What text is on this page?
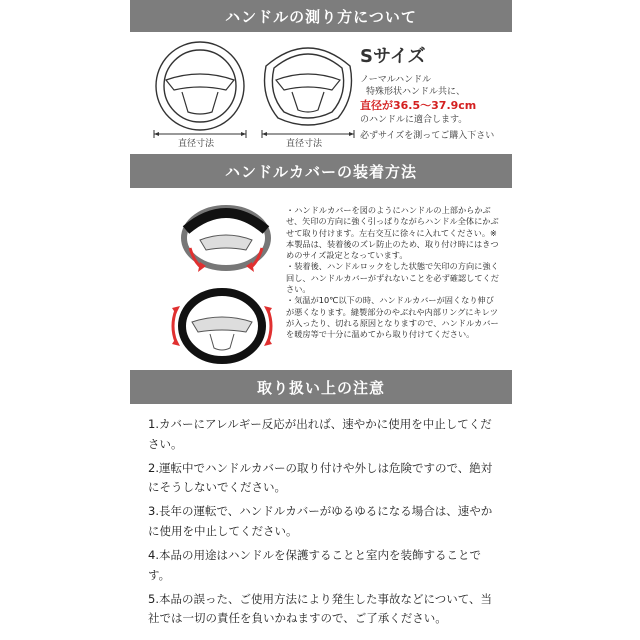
ハンドルの測り方について
直径寸法	直径寸法
Sサイズ
ノーマルハンドル
特殊形状ハンドル共に、
直径が36.5〜37.9cm
のハンドルに適合します。
必ずサイズを測ってご購入下さい
ハンドルカバーの装着方法

・ハンドルカバーを図のようにハンドルの上部からかぶせ、矢印の方向に強く引っぱりながらハンドル全体にかぶせて取り付けます。左右交互に徐々に入れてください。※本製品は、装着後のズレ防止のため、取り付け時にはきつめのサイズ設定となっています。

・装着後、ハンドルロックをした状態で矢印の方向に強く回し、ハンドルカバーがずれないことを必ず確認してください。

・気温が10℃以下の時、ハンドルカバーが固くなり伸びが悪くなります。縫製部分のやぶれや内部リングにキレツが入ったり、切れる原因となりますので、ハンドルカバーを暖房等で十分に温めてから取り付けてください。

取り扱い上の注意

1.カバーにアレルギー反応が出れば、速やかに使用を中止してください。

2.運転中でハンドルカバーの取り付けや外しは危険ですので、絶対にそうしないでください。

3.長年の運転で、ハンドルカバーがゆるゆるになる場合は、速やかに使用を中止してください。

4.本品の用途はハンドルを保護することと室内を装飾することです。

5.本品の誤った、ご使用方法により発生した事故などについて、当社では一切の責任を負いかねますので、ご了承ください。
